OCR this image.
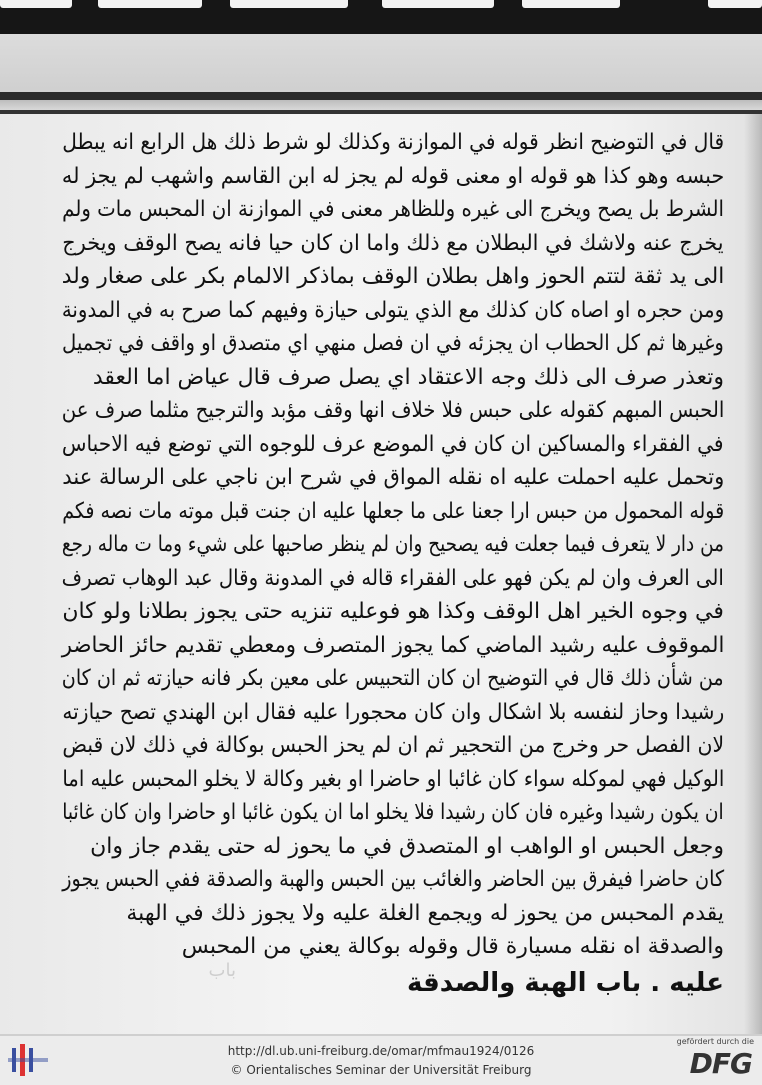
قال في التوضيح انظر قوله في الموازنة وكذلك لو شرط ذلك هل الرابع انه يبطل
حبسه وهو كذا هو قوله او معنى قوله لم يجز له ابن القاسم واشهب لم يجز له
الشرط بل يصح ويخرج الى غيره وللظاهر معنى في الموازنة ان المحبس مات ولم
يخرج عنه ولاشك في البطلان مع ذلك واما ان كان حيا فانه يصح الوقف ويخرج
الى يد ثقة لتتم الحوز واهل بطلان الوقف بماذكر الالمام بكر على صغار ولد
ومن حجره او اصاه كان كذلك مع الذي يتولى حيازة وفيهم كما صرح به في المدونة
وغيرها ثم كل الحطاب ان يجزئه في ان فصل منهي اي متصدق او واقف في تجميل
وتعذر صرف الى ذلك وجه الاعتقاد اي يصل صرف قال عياض اما العقد
الحبس المبهم كقوله على حبس فلا خلاف انها وقف مؤبد والترجيح مثلما صرف عن
في الفقراء والمساكين ان كان في الموضع عرف للوجوه التي توضع فيه الاحباس
وتحمل عليه احملت عليه اه نقله المواق في شرح ابن ناجي على الرسالة عند
قوله المحمول من حبس ارا جعنا على ما جعلها عليه ان جنت قبل موته مات نصه فكم
من دار لا يتعرف فيما جعلت فيه يصحيح وان لم ينظر صاحبها على شيء وما ت ماله رجع
الى العرف وان لم يكن فهو على الفقراء قاله في المدونة وقال عبد الوهاب تصرف
في وجوه الخير اهل الوقف وكذا هو فوعليه تنزيه حتى يجوز بطلانا ولو كان
الموقوف عليه رشيد الماضي كما يجوز المتصرف ومعطي تقديم حائز الحاضر
من شأن ذلك قال في التوضيح ان كان التحبيس على معين بكر فانه حيازته ثم ان كان
رشيدا وحاز لنفسه بلا اشكال وان كان محجورا عليه فقال ابن الهندي تصح حيازته
لان الفصل حر وخرج من التحجير ثم ان لم يحز الحبس بوكالة في ذلك لان قبض
الوكيل فهي لموكله سواء كان غائبا او حاضرا او بغير وكالة لا يخلو المحبس عليه اما
ان يكون رشيدا وغيره فان كان رشيدا فلا يخلو اما ان يكون غائبا او حاضرا وان كان غائبا
وجعل الحبس او الواهب او المتصدق في ما يحوز له حتى يقدم جاز وان
كان حاضرا فيفرق بين الحاضر والغائب بين الحبس والهبة والصدقة ففي الحبس يجوز
يقدم المحبس من يحوز له ويجمع الغلة عليه ولا يجوز ذلك في الهبة
والصدقة اه نقله مسيارة قال وقوله بوكالة يعني من المحبس
عليه . باب الهبة والصدقة
باب
http://dl.ub.uni-freiburg.de/omar/mfmau1924/0126
© Orientalisches Seminar der Universität Freiburg
gefördert durch die
DFG
